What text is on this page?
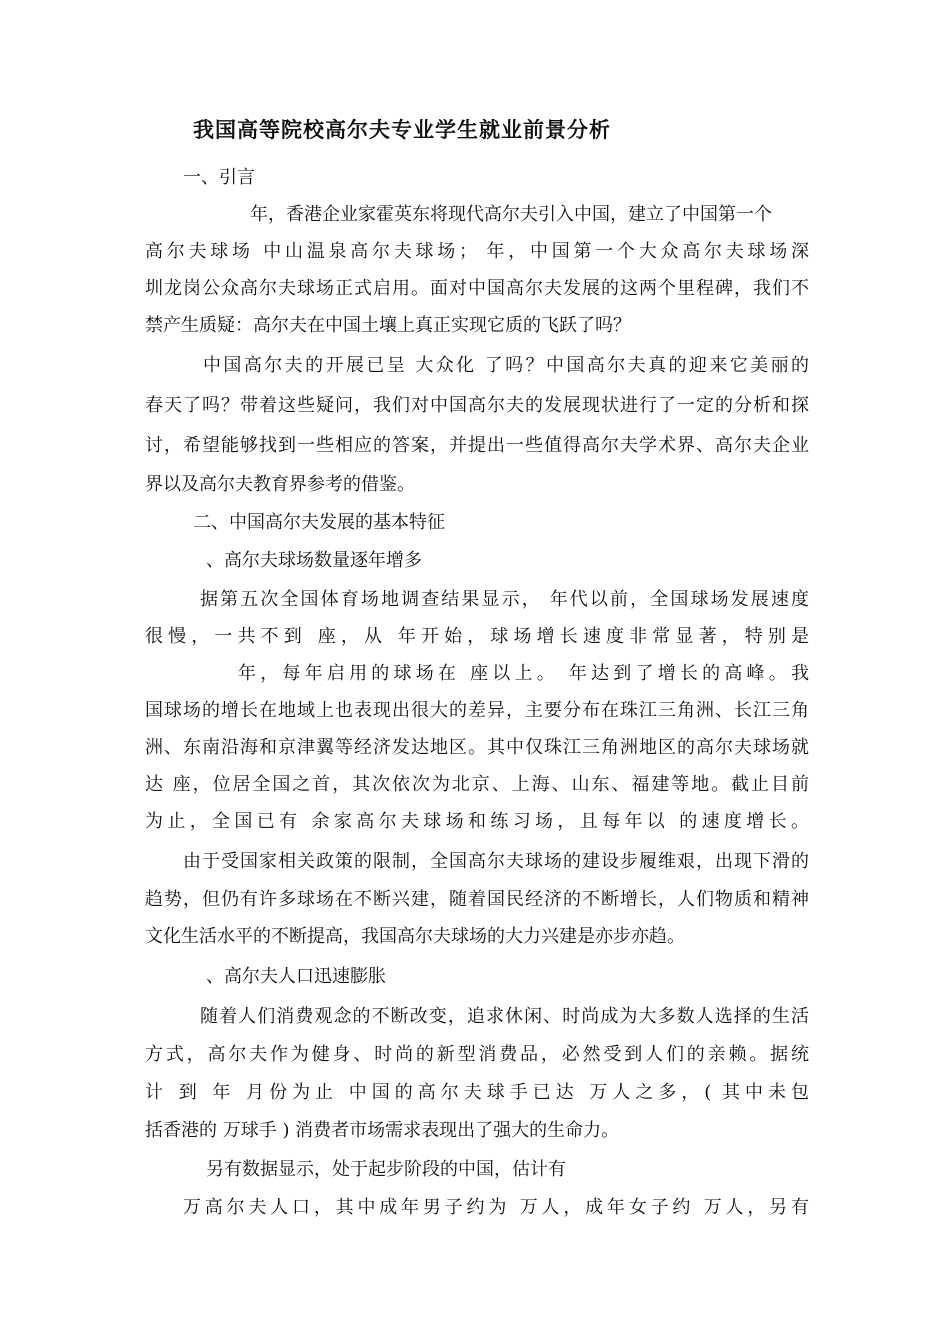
我国高等院校高尔夫专业学生就业前景分析

一、引言

年，香港企业家霍英东将现代高尔夫引入中国，建立了中国第一个

高尔夫球场 中山温泉高尔夫球场； 年，中国第一个大众高尔夫球场深

圳龙岗公众高尔夫球场正式启用。面对中国高尔夫发展的这两个里程碑，我们不

禁产生质疑：高尔夫在中国土壤上真正实现它质的飞跃了吗？

中国高尔夫的开展已呈 大众化 了吗？中国高尔夫真的迎来它美丽的

春天了吗？带着这些疑问，我们对中国高尔夫的发展现状进行了一定的分析和探

讨，希望能够找到一些相应的答案，并提出一些值得高尔夫学术界、高尔夫企业

界以及高尔夫教育界参考的借鉴。

二、中国高尔夫发展的基本特征

、高尔夫球场数量逐年增多

据第五次全国体育场地调查结果显示， 年代以前，全国球场发展速度

很慢，一共不到 座，从 年开始，球场增长速度非常显著，特别是

年，每年启用的球场在 座以上。 年达到了增长的高峰。我

国球场的增长在地域上也表现出很大的差异，主要分布在珠江三角洲、长江三角

洲、东南沿海和京津翼等经济发达地区。其中仅珠江三角洲地区的高尔夫球场就

达 座，位居全国之首，其次依次为北京、上海、山东、福建等地。截止目前

为止，全国已有 余家高尔夫球场和练习场，且每年以 的速度增长。

由于受国家相关政策的限制，全国高尔夫球场的建设步履维艰，出现下滑的

趋势，但仍有许多球场在不断兴建，随着国民经济的不断增长，人们物质和精神

文化生活水平的不断提高，我国高尔夫球场的大力兴建是亦步亦趋。

、高尔夫人口迅速膨胀

随着人们消费观念的不断改变，追求休闲、时尚成为大多数人选择的生活

方式，高尔夫作为健身、时尚的新型消费品，必然受到人们的亲赖。据统

计 到 年 月份为止 中国的高尔夫球手已达 万人之多，( 其中未包

括香港的 万球手 ) 消费者市场需求表现出了强大的生命力。

另有数据显示，处于起步阶段的中国，估计有

万高尔夫人口，其中成年男子约为 万人，成年女子约 万人，另有
